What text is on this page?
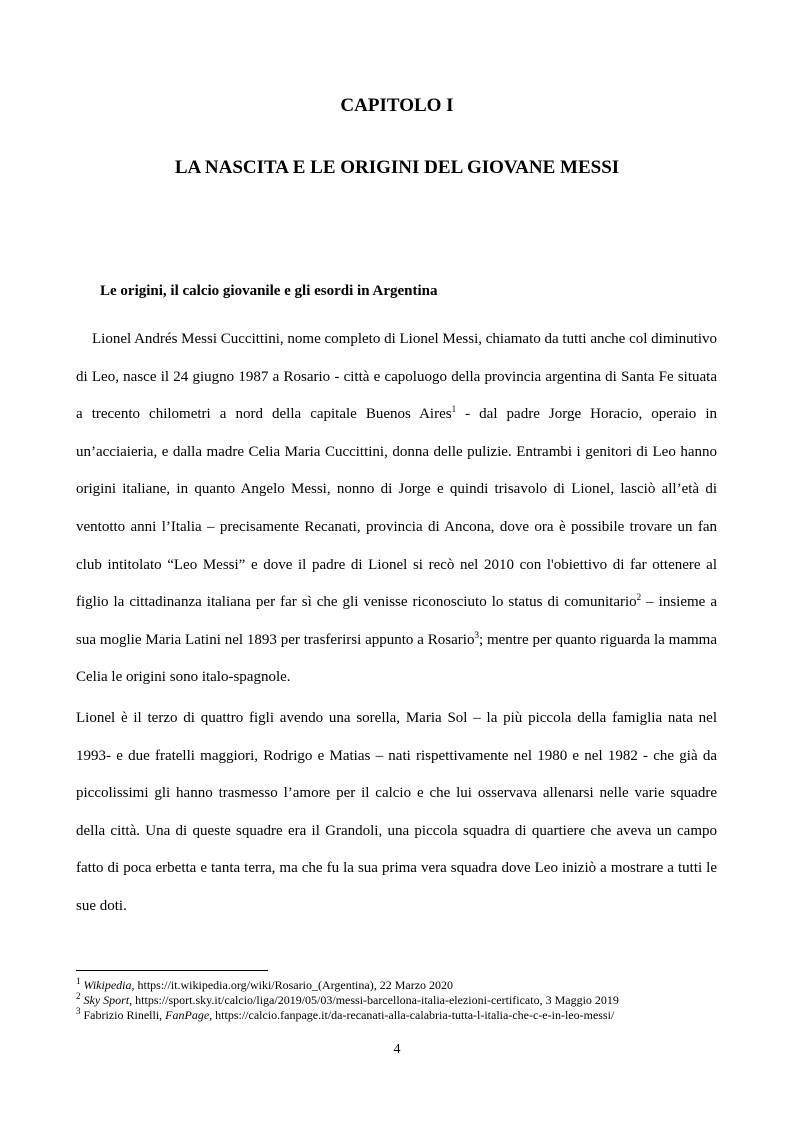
CAPITOLO I
LA NASCITA E LE ORIGINI DEL GIOVANE MESSI
Le origini, il calcio giovanile e gli esordi in Argentina

Lionel Andrés Messi Cuccittini, nome completo di Lionel Messi, chiamato da tutti anche col diminutivo di Leo, nasce il 24 giugno 1987 a Rosario - città e capoluogo della provincia argentina di Santa Fe situata a trecento chilometri a nord della capitale Buenos Aires$^1$ - dal padre Jorge Horacio, operaio in un’acciaieria, e dalla madre Celia Maria Cuccittini, donna delle pulizie. Entrambi i genitori di Leo hanno origini italiane, in quanto Angelo Messi, nonno di Jorge e quindi trisavolo di Lionel, lasciò all’età di ventotto anni l’Italia – precisamente Recanati, provincia di Ancona, dove ora è possibile trovare un fan club intitolato “Leo Messi” e dove il padre di Lionel si recò nel 2010 con l'obiettivo di far ottenere al figlio la cittadinanza italiana per far sì che gli venisse riconosciuto lo status di comunitario$^2$ – insieme a sua moglie Maria Latini nel 1893 per trasferirsi appunto a Rosario$^3$; mentre per quanto riguarda la mamma Celia le origini sono italo-spagnole.

Lionel è il terzo di quattro figli avendo una sorella, Maria Sol – la più piccola della famiglia nata nel 1993- e due fratelli maggiori, Rodrigo e Matias – nati rispettivamente nel 1980 e nel 1982 - che già da piccolissimi gli hanno trasmesso l’amore per il calcio e che lui osservava allenarsi nelle varie squadre della città. Una di queste squadre era il Grandoli, una piccola squadra di quartiere che aveva un campo fatto di poca erbetta e tanta terra, ma che fu la sua prima vera squadra dove Leo iniziò a mostrare a tutti le sue doti.

$^1$ Wikipedia, https://it.wikipedia.org/wiki/Rosario_(Argentina), 22 Marzo 2020

$^2$ Sky Sport, https://sport.sky.it/calcio/liga/2019/05/03/messi-barcellona-italia-elezioni-certificato, 3 Maggio 2019

$^3$ Fabrizio Rinelli, FanPage, https://calcio.fanpage.it/da-recanati-alla-calabria-tutta-l-italia-che-c-e-in-leo-messi/

4
